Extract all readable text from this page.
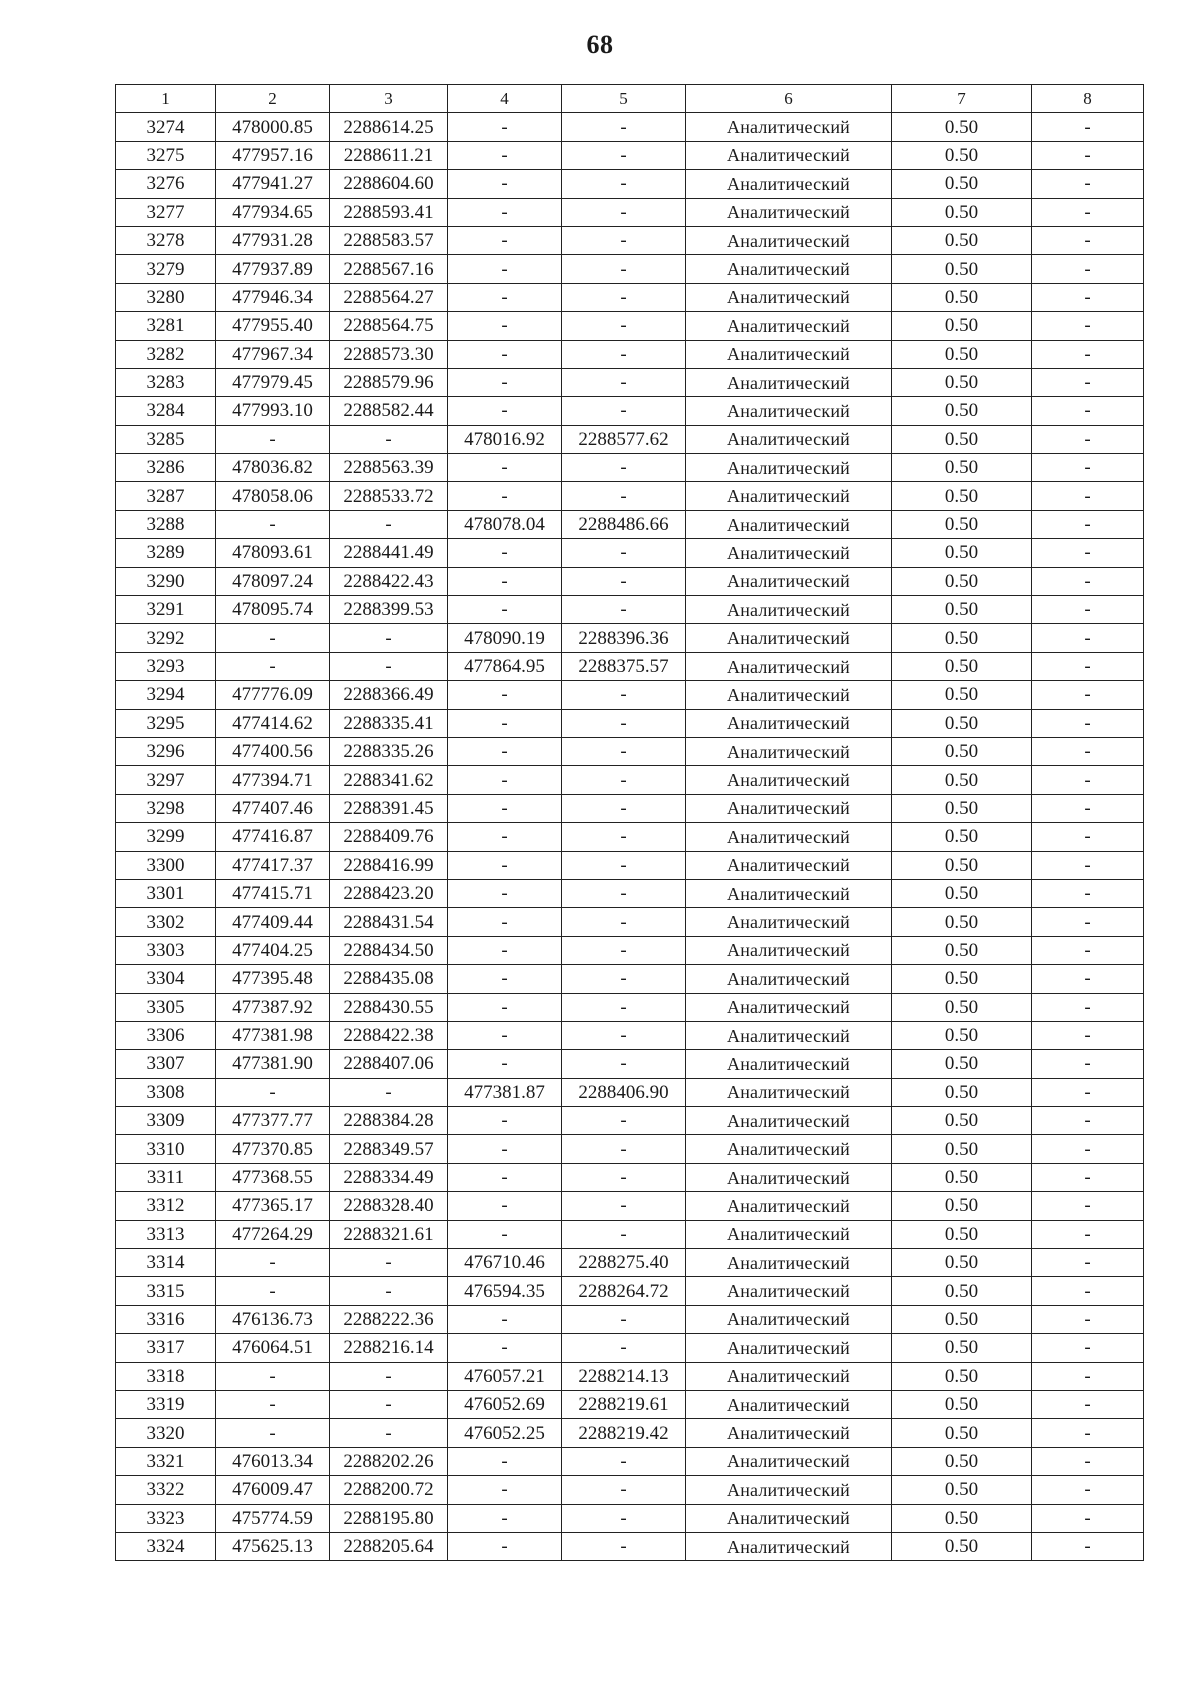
68
1	2	3	4	5	6	7	8
3274	478000.85	2288614.25	-	-	Аналитический	0.50	-
3275	477957.16	2288611.21	-	-	Аналитический	0.50	-
3276	477941.27	2288604.60	-	-	Аналитический	0.50	-
3277	477934.65	2288593.41	-	-	Аналитический	0.50	-
3278	477931.28	2288583.57	-	-	Аналитический	0.50	-
3279	477937.89	2288567.16	-	-	Аналитический	0.50	-
3280	477946.34	2288564.27	-	-	Аналитический	0.50	-
3281	477955.40	2288564.75	-	-	Аналитический	0.50	-
3282	477967.34	2288573.30	-	-	Аналитический	0.50	-
3283	477979.45	2288579.96	-	-	Аналитический	0.50	-
3284	477993.10	2288582.44	-	-	Аналитический	0.50	-
3285	-	-	478016.92	2288577.62	Аналитический	0.50	-
3286	478036.82	2288563.39	-	-	Аналитический	0.50	-
3287	478058.06	2288533.72	-	-	Аналитический	0.50	-
3288	-	-	478078.04	2288486.66	Аналитический	0.50	-
3289	478093.61	2288441.49	-	-	Аналитический	0.50	-
3290	478097.24	2288422.43	-	-	Аналитический	0.50	-
3291	478095.74	2288399.53	-	-	Аналитический	0.50	-
3292	-	-	478090.19	2288396.36	Аналитический	0.50	-
3293	-	-	477864.95	2288375.57	Аналитический	0.50	-
3294	477776.09	2288366.49	-	-	Аналитический	0.50	-
3295	477414.62	2288335.41	-	-	Аналитический	0.50	-
3296	477400.56	2288335.26	-	-	Аналитический	0.50	-
3297	477394.71	2288341.62	-	-	Аналитический	0.50	-
3298	477407.46	2288391.45	-	-	Аналитический	0.50	-
3299	477416.87	2288409.76	-	-	Аналитический	0.50	-
3300	477417.37	2288416.99	-	-	Аналитический	0.50	-
3301	477415.71	2288423.20	-	-	Аналитический	0.50	-
3302	477409.44	2288431.54	-	-	Аналитический	0.50	-
3303	477404.25	2288434.50	-	-	Аналитический	0.50	-
3304	477395.48	2288435.08	-	-	Аналитический	0.50	-
3305	477387.92	2288430.55	-	-	Аналитический	0.50	-
3306	477381.98	2288422.38	-	-	Аналитический	0.50	-
3307	477381.90	2288407.06	-	-	Аналитический	0.50	-
3308	-	-	477381.87	2288406.90	Аналитический	0.50	-
3309	477377.77	2288384.28	-	-	Аналитический	0.50	-
3310	477370.85	2288349.57	-	-	Аналитический	0.50	-
3311	477368.55	2288334.49	-	-	Аналитический	0.50	-
3312	477365.17	2288328.40	-	-	Аналитический	0.50	-
3313	477264.29	2288321.61	-	-	Аналитический	0.50	-
3314	-	-	476710.46	2288275.40	Аналитический	0.50	-
3315	-	-	476594.35	2288264.72	Аналитический	0.50	-
3316	476136.73	2288222.36	-	-	Аналитический	0.50	-
3317	476064.51	2288216.14	-	-	Аналитический	0.50	-
3318	-	-	476057.21	2288214.13	Аналитический	0.50	-
3319	-	-	476052.69	2288219.61	Аналитический	0.50	-
3320	-	-	476052.25	2288219.42	Аналитический	0.50	-
3321	476013.34	2288202.26	-	-	Аналитический	0.50	-
3322	476009.47	2288200.72	-	-	Аналитический	0.50	-
3323	475774.59	2288195.80	-	-	Аналитический	0.50	-
3324	475625.13	2288205.64	-	-	Аналитический	0.50	-
